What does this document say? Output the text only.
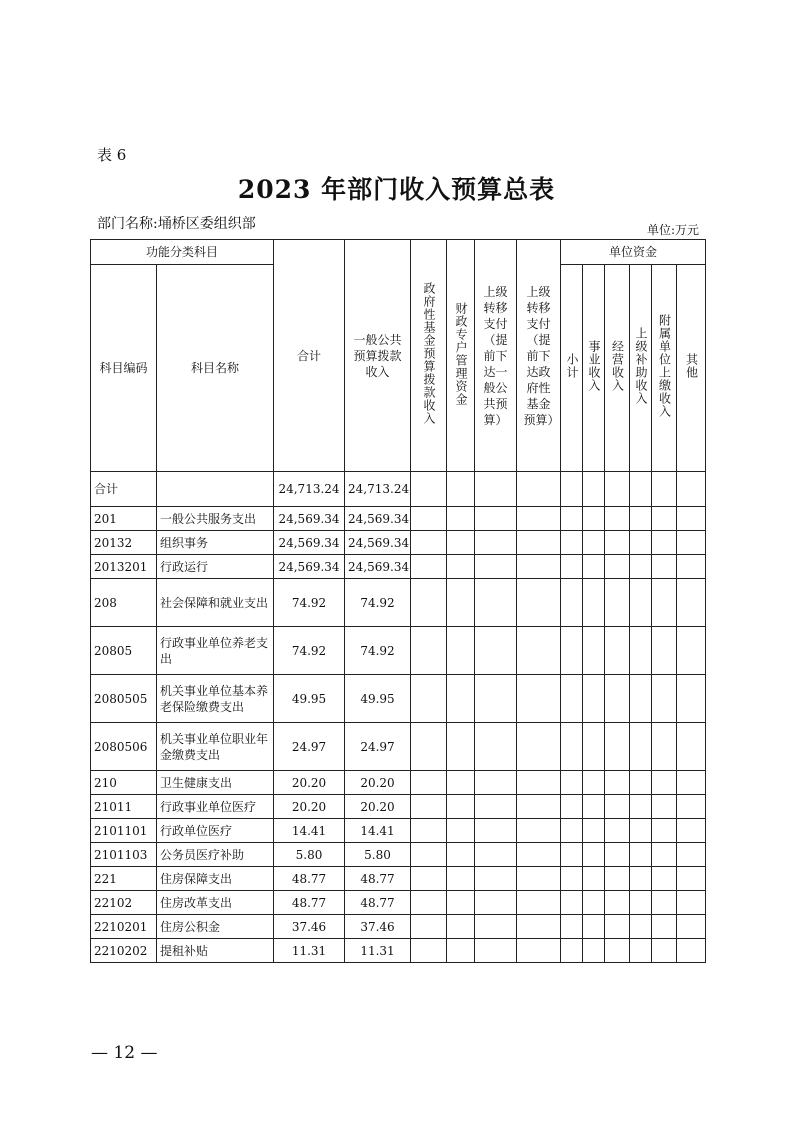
表 6
2023 年部门收入预算总表
部门名称:埇桥区委组织部	单位:万元
功能分类科目		合计	一般公共预算拨款收入	政府性基金预算拨款收入	财政专户管理资金	上级转移支付（提前下达一般公共预算）	上级转移支付（提前下达政府性基金预算）	单位资金					
科目编码	科目名称							小计	事业收入	经营收入	上级补助收入	附属单位上缴收入	其他
合计		24,713.24	24,713.24										
201	一般公共服务支出	24,569.34	24,569.34										
20132	组织事务	24,569.34	24,569.34										
2013201	行政运行	24,569.34	24,569.34										
208	社会保障和就业支出	74.92	74.92										
20805	行政事业单位养老支出	74.92	74.92										
2080505	机关事业单位基本养老保险缴费支出	49.95	49.95										
2080506	机关事业单位职业年金缴费支出	24.97	24.97										
210	卫生健康支出	20.20	20.20										
21011	行政事业单位医疗	20.20	20.20										
2101101	行政单位医疗	14.41	14.41										
2101103	公务员医疗补助	5.80	5.80										
221	住房保障支出	48.77	48.77										
22102	住房改革支出	48.77	48.77										
2210201	住房公积金	37.46	37.46										
2210202	提租补贴	11.31	11.31										
— 12 —
